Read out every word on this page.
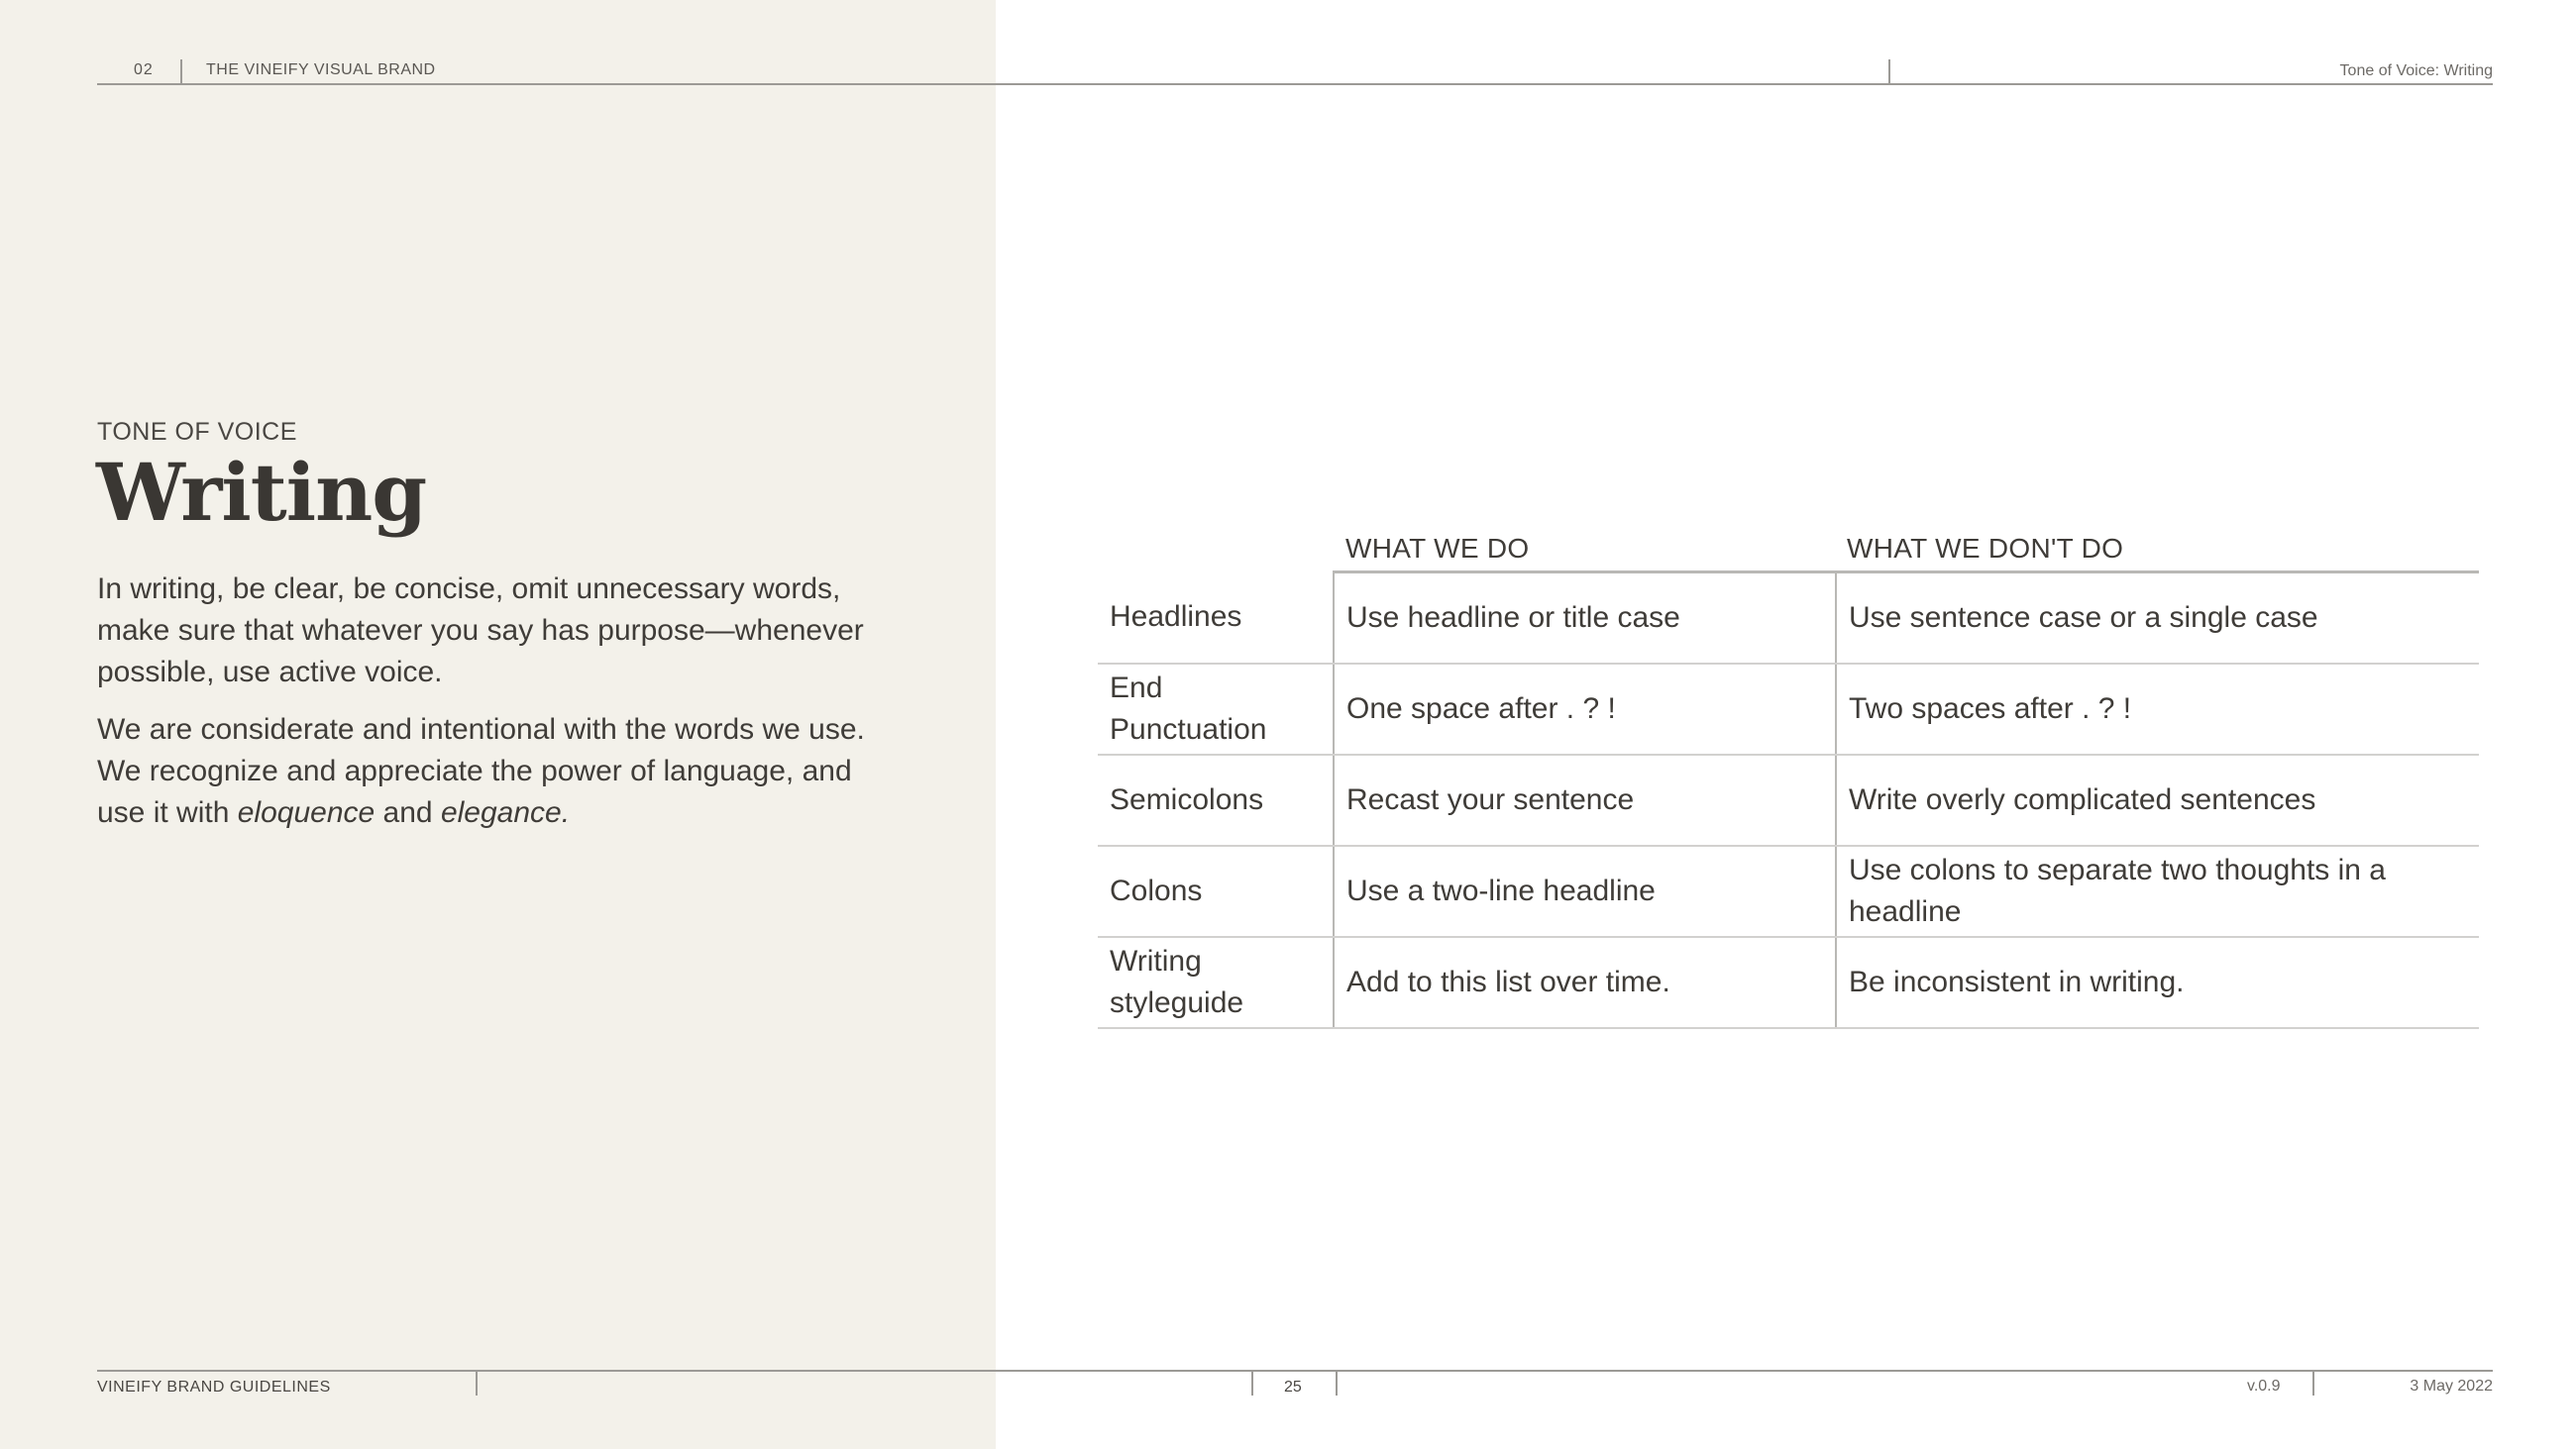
02	THE VINEIFY VISUAL BRAND	Tone of Voice: Writing
TONE OF VOICE
Writing

In writing, be clear, be concise, omit unnecessary words, make sure that whatever you say has purpose—whenever possible, use active voice.

We are considerate and intentional with the words we use. We recognize and appreciate the power of language, and use it with eloquence and elegance.

WHAT WE DO	WHAT WE DON'T DO
Headlines	Use headline or title case	Use sentence case or a single case
End Punctuation	One space after . ? !	Two spaces after . ? !
Semicolons	Recast your sentence	Write overly complicated sentences
Colons	Use a two-line headline	Use colons to separate two thoughts in a headline
Writing styleguide	Add to this list over time.	Be inconsistent in writing.
VINEIFY BRAND GUIDELINES	25	v.0.9	3 May 2022
